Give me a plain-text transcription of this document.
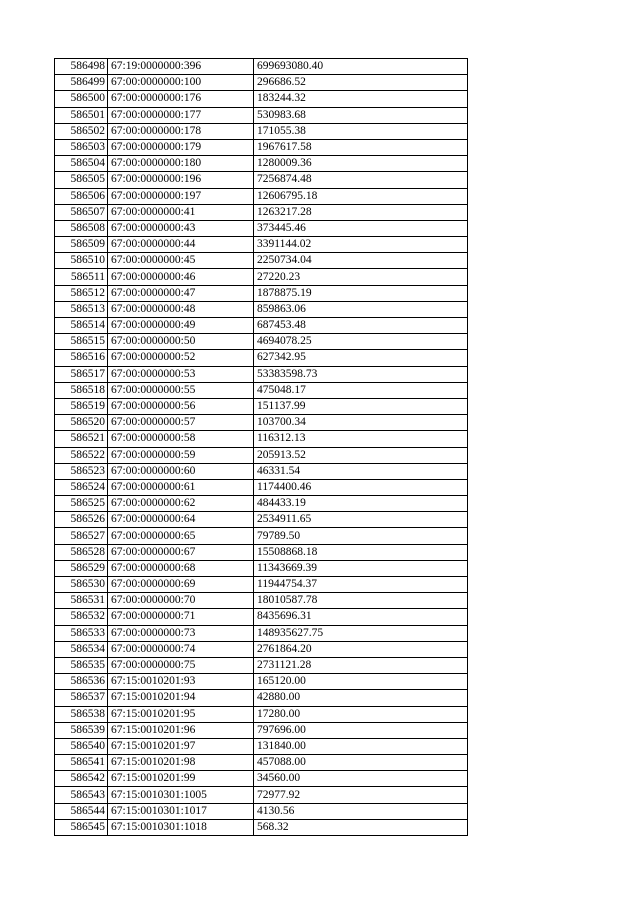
586498	67:19:0000000:396	699693080.40
586499	67:00:0000000:100	296686.52
586500	67:00:0000000:176	183244.32
586501	67:00:0000000:177	530983.68
586502	67:00:0000000:178	171055.38
586503	67:00:0000000:179	1967617.58
586504	67:00:0000000:180	1280009.36
586505	67:00:0000000:196	7256874.48
586506	67:00:0000000:197	12606795.18
586507	67:00:0000000:41	1263217.28
586508	67:00:0000000:43	373445.46
586509	67:00:0000000:44	3391144.02
586510	67:00:0000000:45	2250734.04
586511	67:00:0000000:46	27220.23
586512	67:00:0000000:47	1878875.19
586513	67:00:0000000:48	859863.06
586514	67:00:0000000:49	687453.48
586515	67:00:0000000:50	4694078.25
586516	67:00:0000000:52	627342.95
586517	67:00:0000000:53	53383598.73
586518	67:00:0000000:55	475048.17
586519	67:00:0000000:56	151137.99
586520	67:00:0000000:57	103700.34
586521	67:00:0000000:58	116312.13
586522	67:00:0000000:59	205913.52
586523	67:00:0000000:60	46331.54
586524	67:00:0000000:61	1174400.46
586525	67:00:0000000:62	484433.19
586526	67:00:0000000:64	2534911.65
586527	67:00:0000000:65	79789.50
586528	67:00:0000000:67	15508868.18
586529	67:00:0000000:68	11343669.39
586530	67:00:0000000:69	11944754.37
586531	67:00:0000000:70	18010587.78
586532	67:00:0000000:71	8435696.31
586533	67:00:0000000:73	148935627.75
586534	67:00:0000000:74	2761864.20
586535	67:00:0000000:75	2731121.28
586536	67:15:0010201:93	165120.00
586537	67:15:0010201:94	42880.00
586538	67:15:0010201:95	17280.00
586539	67:15:0010201:96	797696.00
586540	67:15:0010201:97	131840.00
586541	67:15:0010201:98	457088.00
586542	67:15:0010201:99	34560.00
586543	67:15:0010301:1005	72977.92
586544	67:15:0010301:1017	4130.56
586545	67:15:0010301:1018	568.32
